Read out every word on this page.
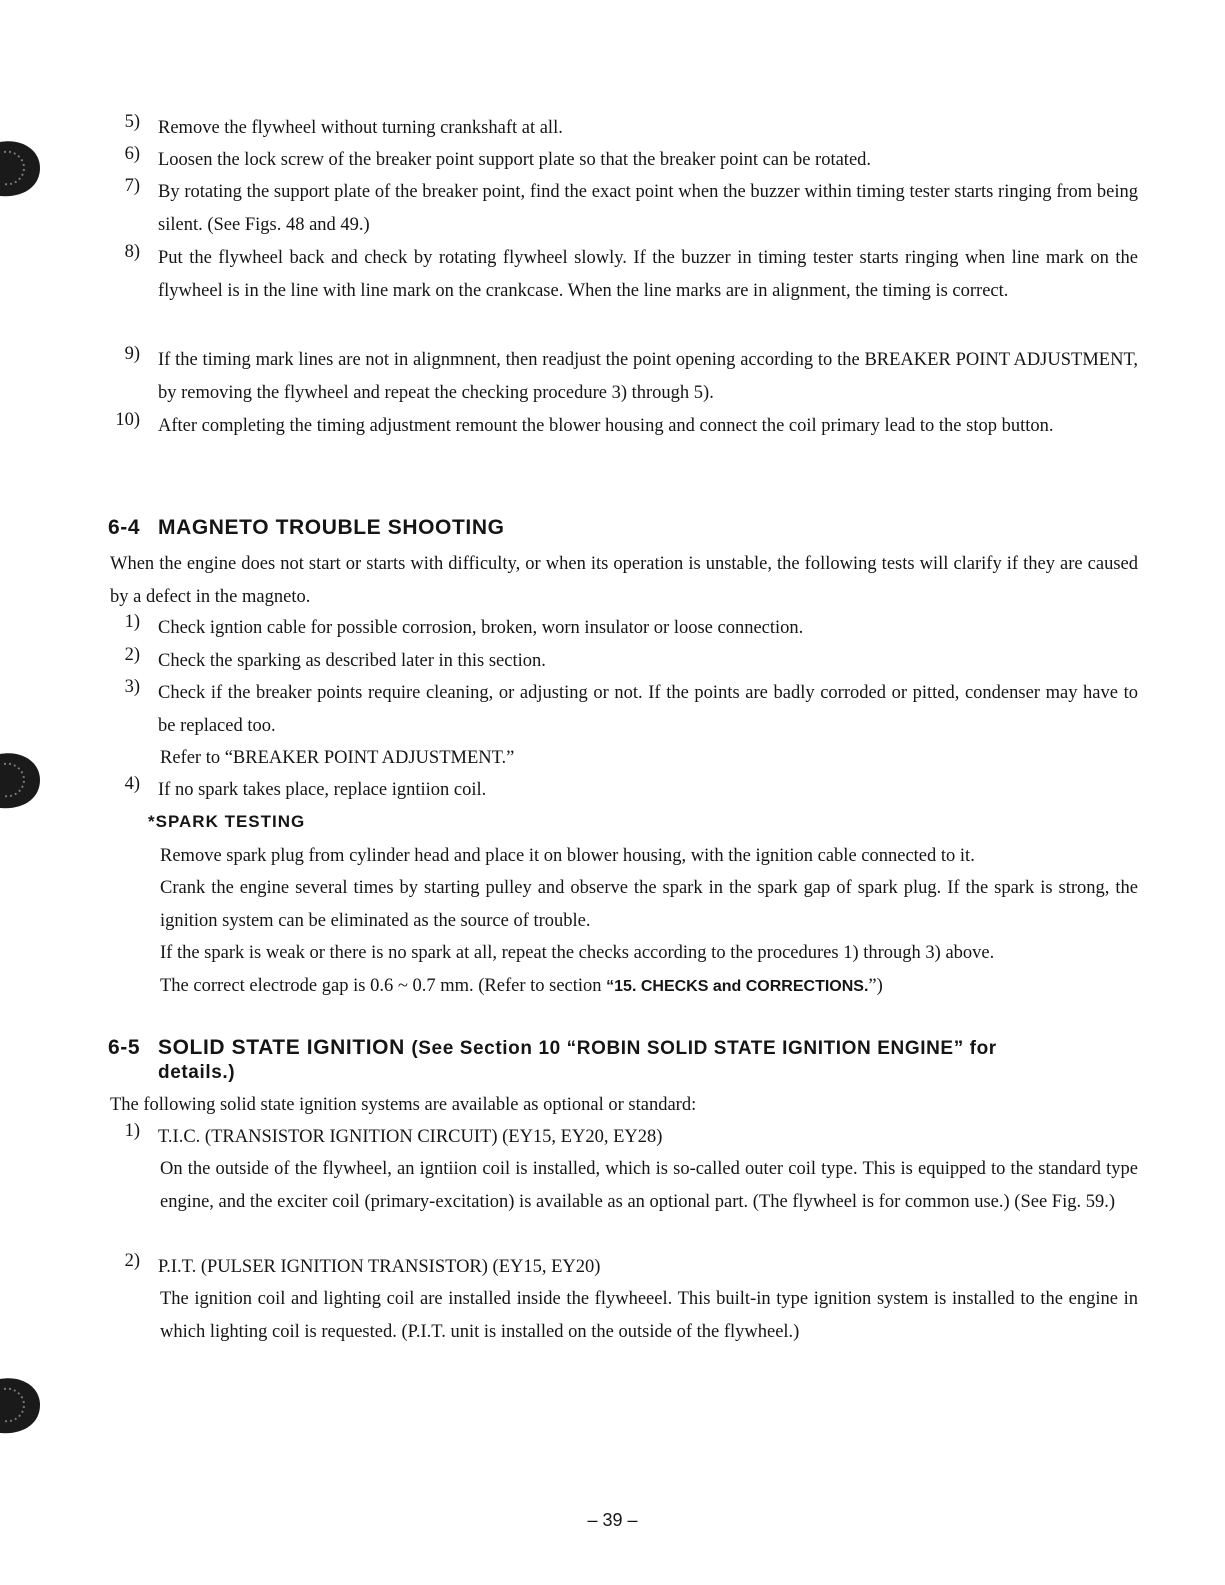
5) Remove the flywheel without turning crankshaft at all.
6) Loosen the lock screw of the breaker point support plate so that the breaker point can be rotated.
7) By rotating the support plate of the breaker point, find the exact point when the buzzer within timing tester starts ringing from being silent. (See Figs. 48 and 49.)
8) Put the flywheel back and check by rotating flywheel slowly. If the buzzer in timing tester starts ringing when line mark on the flywheel is in the line with line mark on the crankcase. When the line marks are in alignment, the timing is correct.
9) If the timing mark lines are not in alignmnent, then readjust the point opening according to the BREAKER POINT ADJUSTMENT, by removing the flywheel and repeat the checking procedure 3) through 5).
10) After completing the timing adjustment remount the blower housing and connect the coil primary lead to the stop button.
6-4 MAGNETO TROUBLE SHOOTING
When the engine does not start or starts with difficulty, or when its operation is unstable, the following tests will clarify if they are caused by a defect in the magneto.
1) Check igntion cable for possible corrosion, broken, worn insulator or loose connection.
2) Check the sparking as described later in this section.
3) Check if the breaker points require cleaning, or adjusting or not. If the points are badly corroded or pitted, condenser may have to be replaced too.
Refer to “BREAKER POINT ADJUSTMENT.”
4) If no spark takes place, replace igntiion coil.
*SPARK TESTING
Remove spark plug from cylinder head and place it on blower housing, with the ignition cable connected to it.
Crank the engine several times by starting pulley and observe the spark in the spark gap of spark plug. If the spark is strong, the ignition system can be eliminated as the source of trouble.
If the spark is weak or there is no spark at all, repeat the checks according to the procedures 1) through 3) above.
The correct electrode gap is 0.6 ~ 0.7 mm. (Refer to section “15. CHECKS and CORRECTIONS.”)
6-5 SOLID STATE IGNITION (See Section 10 “ROBIN SOLID STATE IGNITION ENGINE” for
details.)
The following solid state ignition systems are available as optional or standard:
1) T.I.C. (TRANSISTOR IGNITION CIRCUIT) (EY15, EY20, EY28)
On the outside of the flywheel, an igntiion coil is installed, which is so-called outer coil type. This is equipped to the standard type engine, and the exciter coil (primary-excitation) is available as an optional part. (The flywheel is for common use.) (See Fig. 59.)
2) P.I.T. (PULSER IGNITION TRANSISTOR) (EY15, EY20)
The ignition coil and lighting coil are installed inside the flywheeel. This built-in type ignition system is installed to the engine in which lighting coil is requested. (P.I.T. unit is installed on the outside of the flywheel.)
– 39 –
